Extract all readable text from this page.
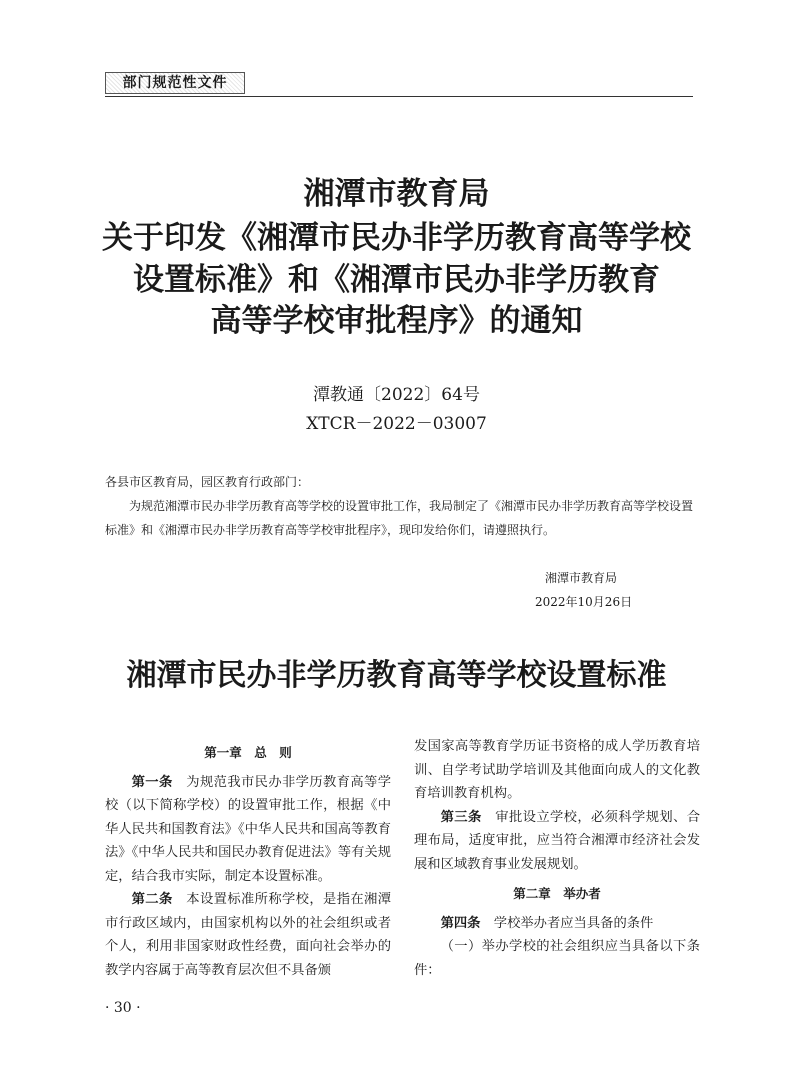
部门规范性文件
湘潭市教育局
关于印发《湘潭市民办非学历教育高等学校
设置标准》和《湘潭市民办非学历教育
高等学校审批程序》的通知
潭教通〔2022〕64号
XTCR－2022－03007
各县市区教育局，园区教育行政部门：
为规范湘潭市民办非学历教育高等学校的设置审批工作，我局制定了《湘潭市民办非学历教育高等学校设置标准》和《湘潭市民办非学历教育高等学校审批程序》，现印发给你们，请遵照执行。
湘潭市教育局
2022年10月26日
湘潭市民办非学历教育高等学校设置标准

第一章　总　则

第一条　为规范我市民办非学历教育高等学校（以下简称学校）的设置审批工作，根据《中华人民共和国教育法》《中华人民共和国高等教育法》《中华人民共和国民办教育促进法》等有关规定，结合我市实际，制定本设置标准。

第二条　本设置标准所称学校，是指在湘潭市行政区域内，由国家机构以外的社会组织或者个人，利用非国家财政性经费，面向社会举办的教学内容属于高等教育层次但不具备颁

发国家高等教育学历证书资格的成人学历教育培训、自学考试助学培训及其他面向成人的文化教育培训教育机构。

第三条　审批设立学校，必须科学规划、合理布局，适度审批，应当符合湘潭市经济社会发展和区域教育事业发展规划。

第二章　举办者

第四条　学校举办者应当具备的条件

（一）举办学校的社会组织应当具备以下条件：

· 30 ·
